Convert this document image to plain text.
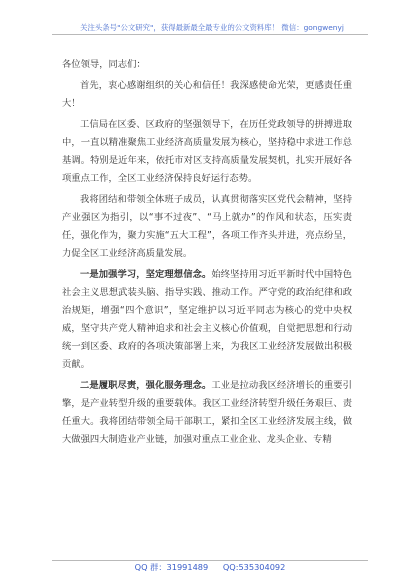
关注头条号"公文研究"，获得最新最全最专业的公文资料库！ 微信：gongwenyj

各位领导，同志们：

首先，衷心感谢组织的关心和信任！我深感使命光荣，更感责任重大！

工信局在区委、区政府的坚强领导下，在历任党政领导的拼搏进取中，一直以精准聚焦工业经济高质量发展为核心，坚持稳中求进工作总基调。特别是近年来，依托市对区支持高质量发展契机，扎实开展好各项重点工作，全区工业经济保持良好运行态势。

我将团结和带领全体班子成员，认真贯彻落实区党代会精神，坚持产业强区为指引，以“事不过夜”、“马上就办”的作风和状态，压实责任，强化作为，聚力实施“五大工程”，各项工作齐头并进，亮点纷呈，力促全区工业经济高质量发展。

一是加强学习，坚定理想信念。始终坚持用习近平新时代中国特色社会主义思想武装头脑、指导实践、推动工作。严守党的政治纪律和政治规矩，增强“四个意识”，坚定维护以习近平同志为核心的党中央权威，坚守共产党人精神追求和社会主义核心价值观，自觉把思想和行动统一到区委、政府的各项决策部署上来，为我区工业经济发展做出积极贡献。

二是履职尽责，强化服务理念。工业是拉动我区经济增长的重要引擎，是产业转型升级的重要载体。我区工业经济转型升级任务艰巨、责任重大。我将团结带领全局干部职工，紧扣全区工业经济发展主线，做大做强四大制造业产业链，加强对重点工业企业、龙头企业、专精

QQ 群：31991489 QQ:535304092
